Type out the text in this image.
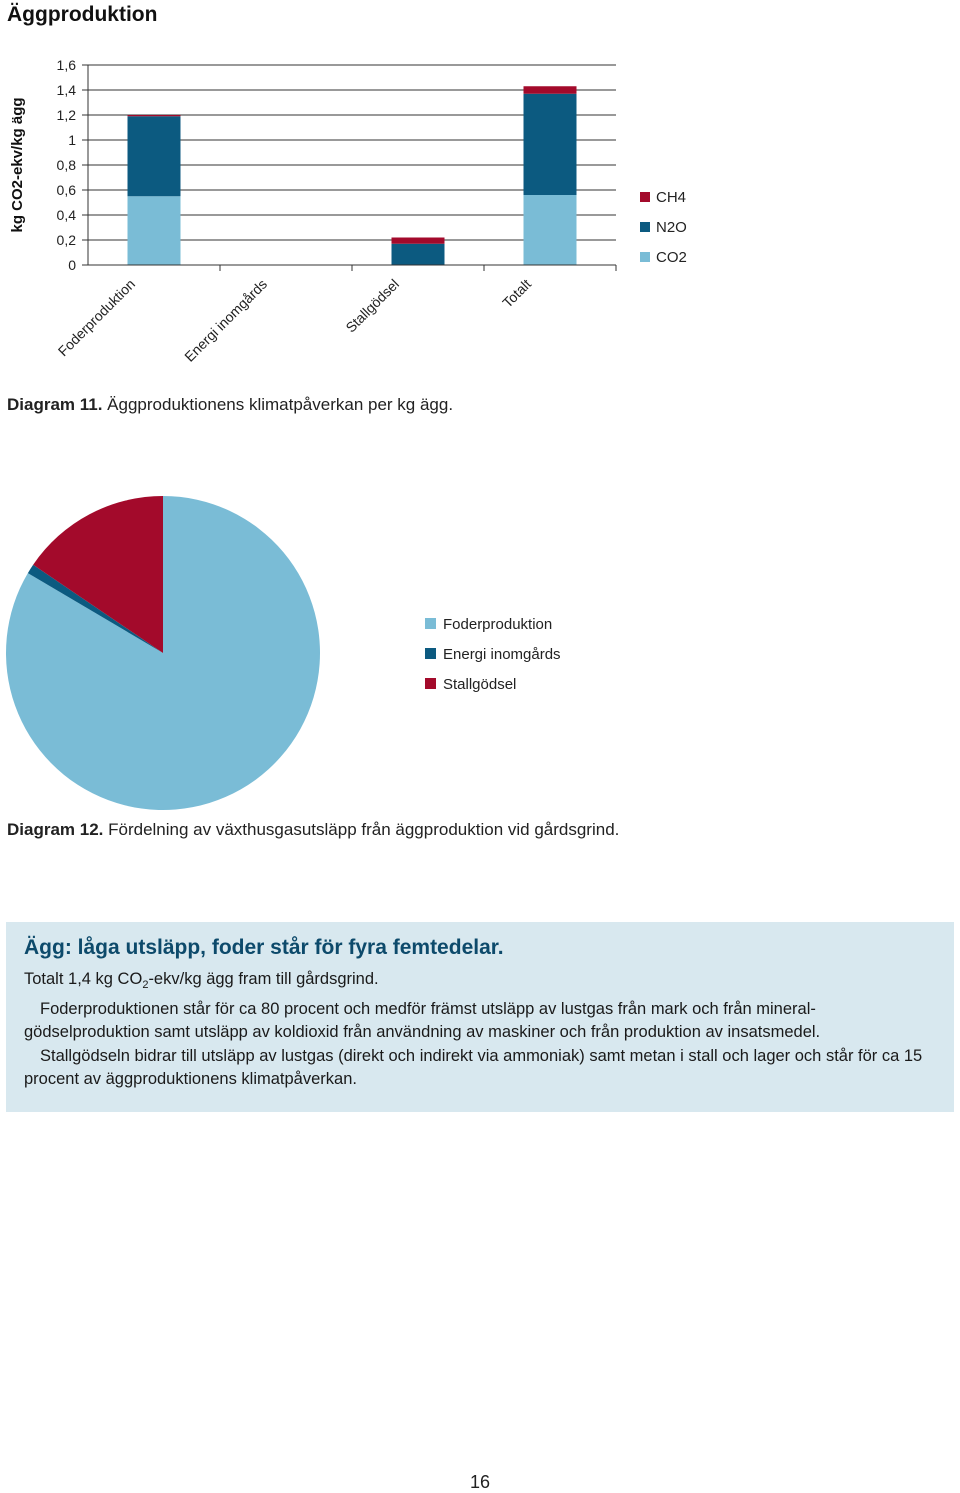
Äggproduktion
kg CO2-ekv/kg ägg
0
0,2
0,4
0,6
0,8
1
1,2
1,4
1,6
Foderproduktion	Energi inomgårds	Stallgödsel	Totalt
CH4
N2O
CO2
Diagram 11. Äggproduktionens klimatpåverkan per kg ägg.
Foderproduktion
Energi inomgårds
Stallgödsel
Diagram 12. Fördelning av växthusgasutsläpp från äggproduktion vid gårdsgrind.
Ägg: låga utsläpp, foder står för fyra femtedelar.

Totalt 1,4 kg $CO_2-ekv/kg$ ägg fram till gårdsgrind.

Foderproduktionen står för ca 80 procent och medför främst utsläpp av lustgas från mark och från mineral-gödselproduktion samt utsläpp av koldioxid från användning av maskiner och från produktion av insatsmedel.

Stallgödseln bidrar till utsläpp av lustgas (direkt och indirekt via ammoniak) samt metan i stall och lager och står för ca 15 procent av äggproduktionens klimatpåverkan.

16
